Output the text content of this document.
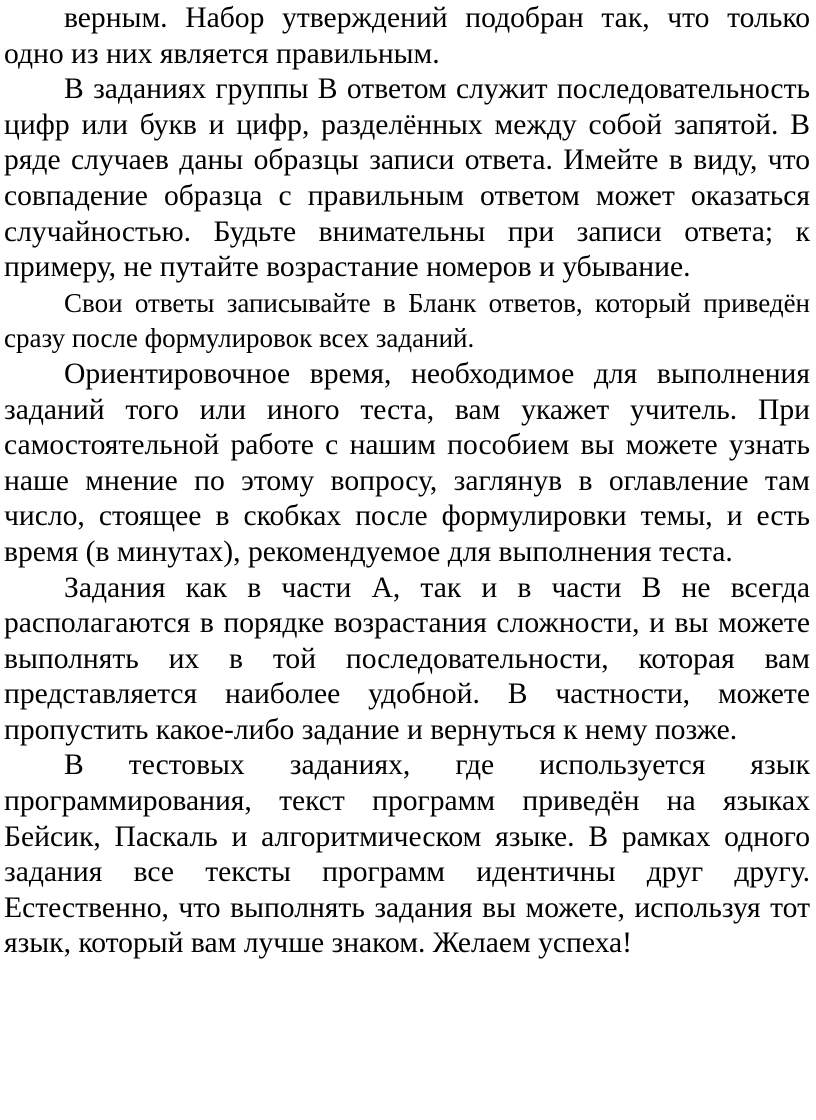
верным. Набор утверждений подобран так, что только одно из них является правильным.

В заданиях группы В ответом служит последовательность цифр или букв и цифр, разделённых между собой запятой. В ряде случаев даны образцы записи ответа. Имейте в виду, что совпадение образца с правильным ответом может оказаться случайностью. Будьте внимательны при записи ответа; к примеру, не путайте возрастание номеров и убывание.

Свои ответы записывайте в Бланк ответов, который приведён сразу после формулировок всех заданий.

Ориентировочное время, необходимое для выполнения заданий того или иного теста, вам укажет учитель. При самостоятельной работе с нашим пособием вы можете узнать наше мнение по этому вопросу, заглянув в оглавление там число, стоящее в скобках после формулировки темы, и есть время (в минутах), рекомендуемое для выполнения теста.

Задания как в части А, так и в части В не всегда располагаются в порядке возрастания сложности, и вы можете выполнять их в той последовательности, которая вам представляется наиболее удобной. В частности, можете пропустить какое-либо задание и вернуться к нему позже.

В тестовых заданиях, где используется язык программирования, текст программ приведён на языках Бейсик, Паскаль и алгоритмическом языке. В рамках одного задания все тексты программ идентичны друг другу. Естественно, что выполнять задания вы можете, используя тот язык, который вам лучше знаком. Желаем успеха!
